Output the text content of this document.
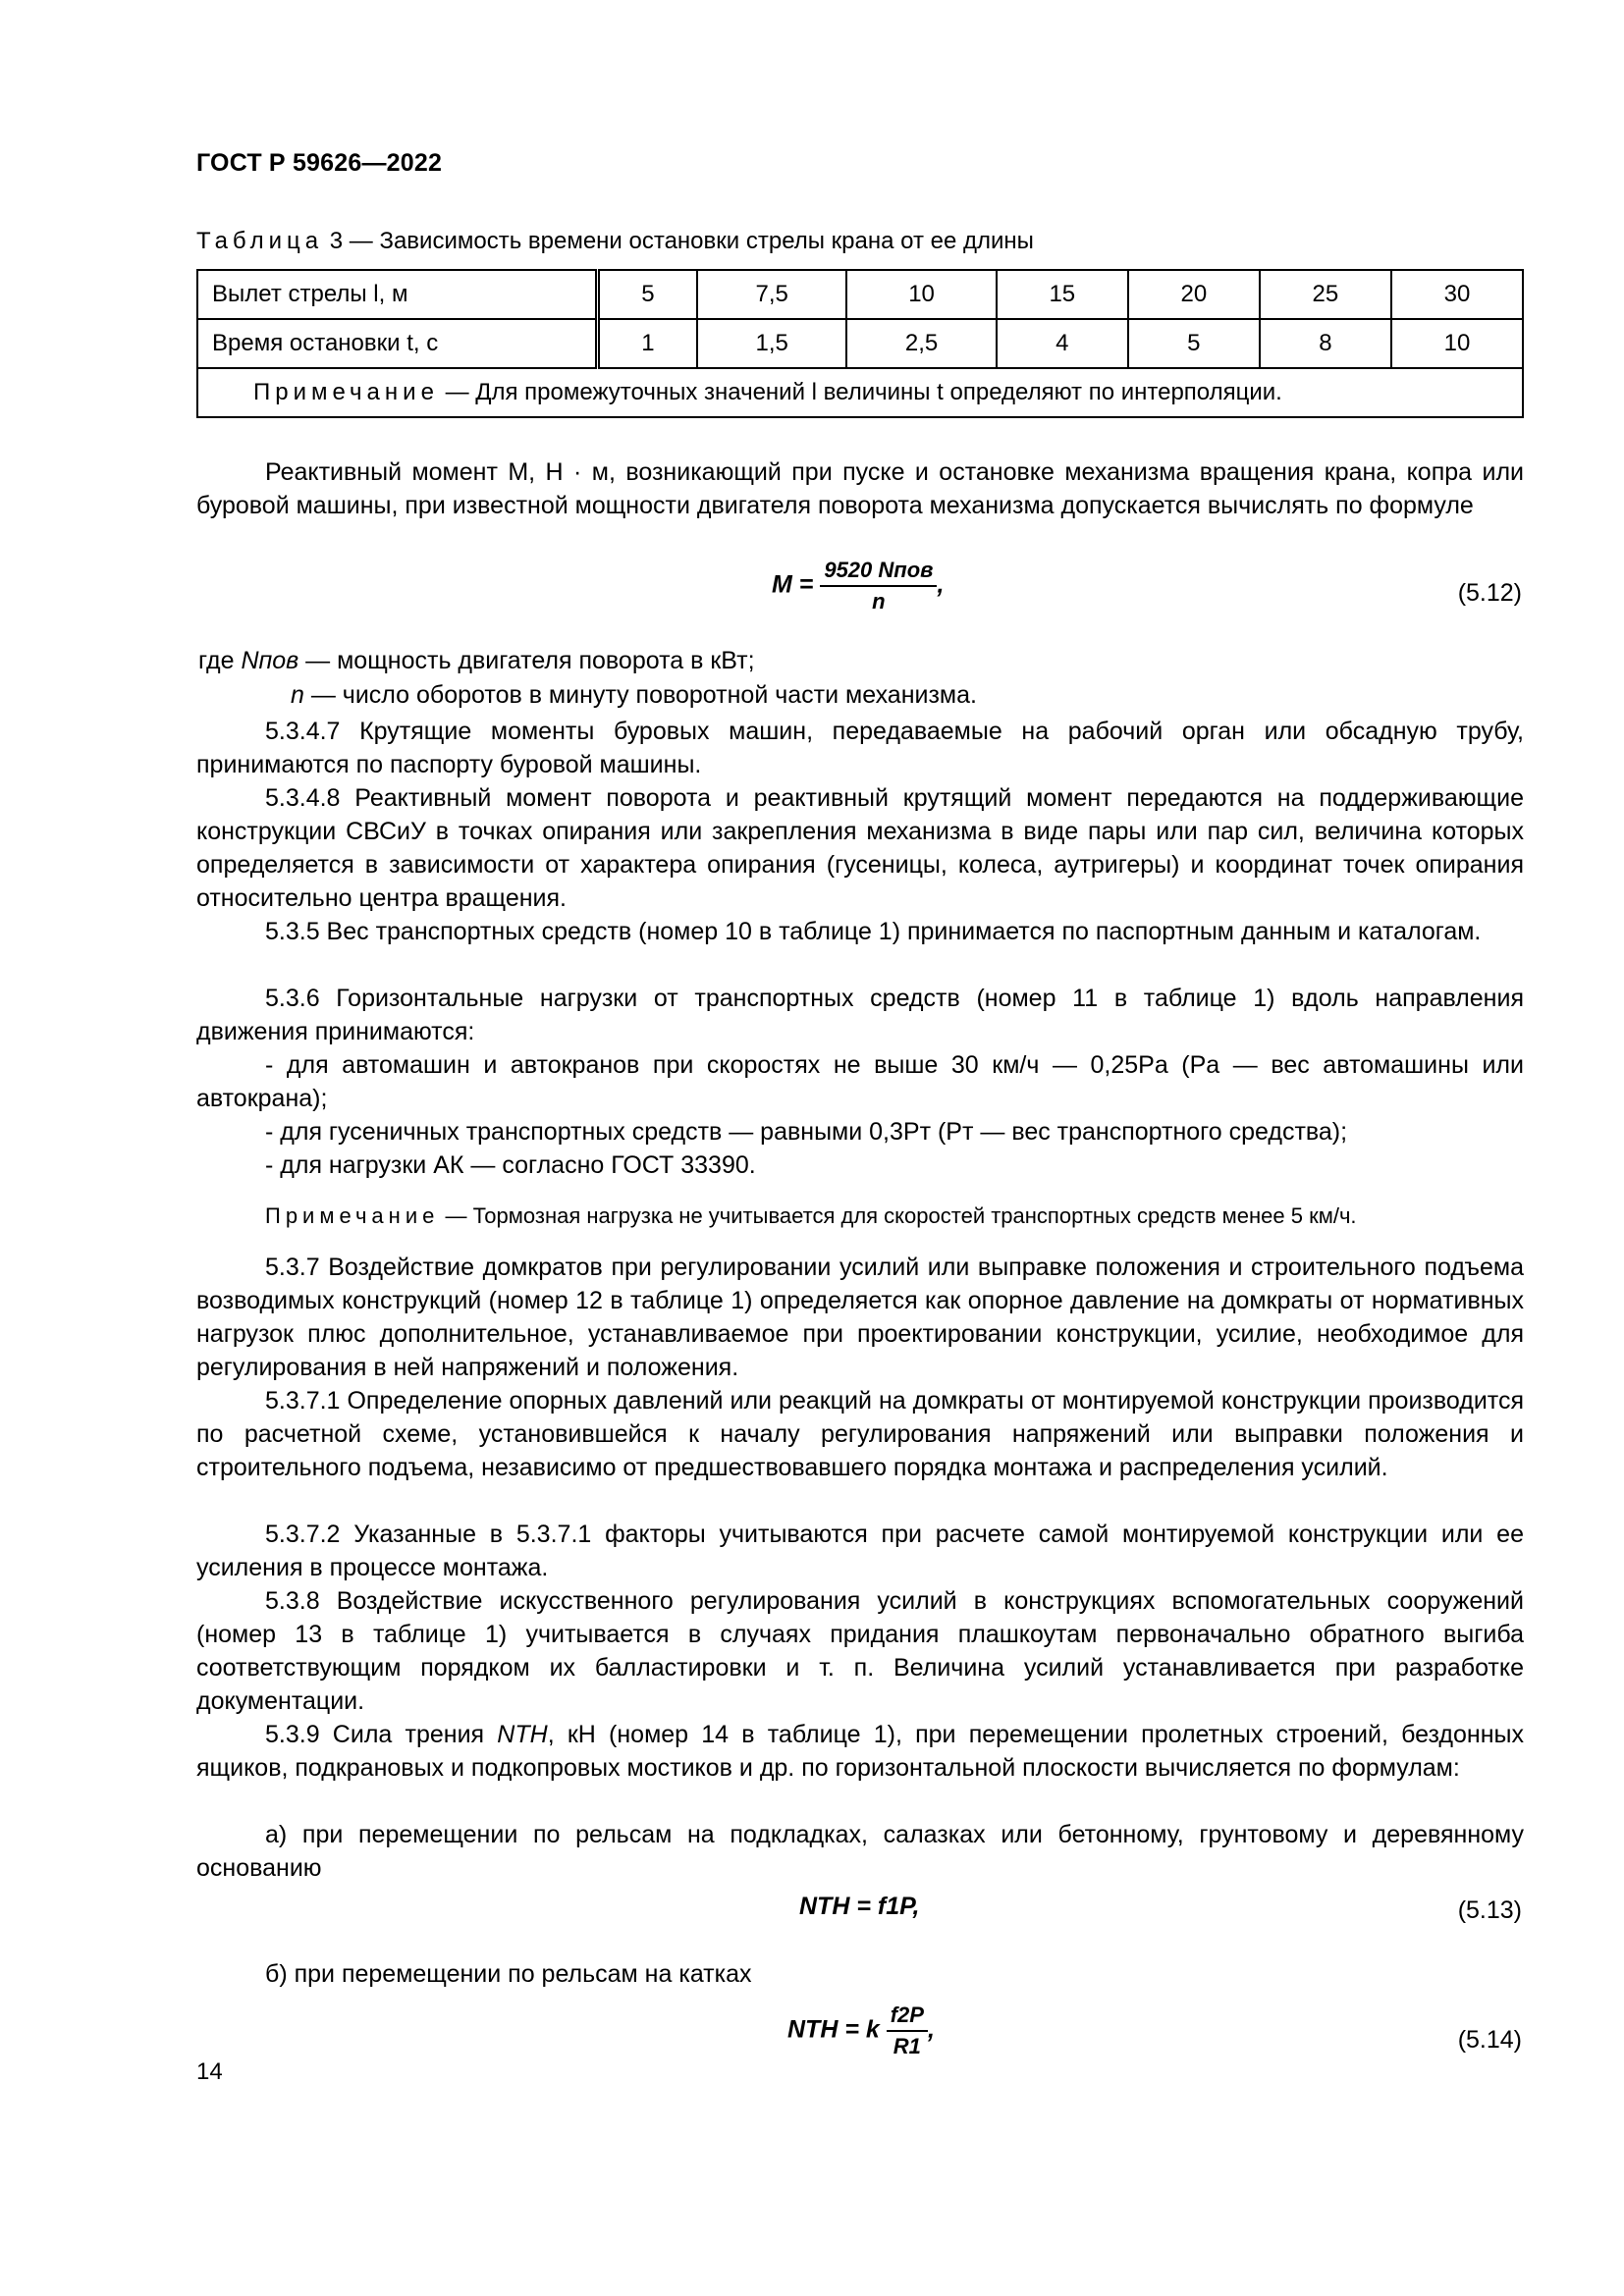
ГОСТ Р 59626—2022
Таблица 3 — Зависимость времени остановки стрелы крана от ее длины
Вылет стрелы l, м	5	7,5	10	15	20	25	30
Время остановки t, с	1	1,5	2,5	4	5	8	10
Примечание — Для промежуточных значений l величины t определяют по интерполяции.							
Реактивный момент M, Н · м, возникающий при пуске и остановке механизма вращения крана, копра или буровой машины, при известной мощности двигателя поворота механизма допускается вычислять по формуле
$M = \frac{\text{9520 Nпов}}{n}$ ,	(5.12)
где Nпов — мощность двигателя поворота в кВт;
n — число оборотов в минуту поворотной части механизма.
5.3.4.7 Крутящие моменты буровых машин, передаваемые на рабочий орган или обсадную трубу, принимаются по паспорту буровой машины.
5.3.4.8 Реактивный момент поворота и реактивный крутящий момент передаются на поддерживающие конструкции СВСиУ в точках опирания или закрепления механизма в виде пары или пар сил, величина которых определяется в зависимости от характера опирания (гусеницы, колеса, аутригеры) и координат точек опирания относительно центра вращения.
5.3.5 Вес транспортных средств (номер 10 в таблице 1) принимается по паспортным данным и каталогам.
5.3.6 Горизонтальные нагрузки от транспортных средств (номер 11 в таблице 1) вдоль направления движения принимаются:
- для автомашин и автокранов при скоростях не выше 30 км/ч — 0,25Pа (Pа — вес автомашины или автокрана);
- для гусеничных транспортных средств — равными 0,3Pт (Pт — вес транспортного средства);
- для нагрузки АК — согласно ГОСТ 33390.
Примечание — Тормозная нагрузка не учитывается для скоростей транспортных средств менее 5 км/ч.
5.3.7 Воздействие домкратов при регулировании усилий или выправке положения и строительного подъема возводимых конструкций (номер 12 в таблице 1) определяется как опорное давление на домкраты от нормативных нагрузок плюс дополнительное, устанавливаемое при проектировании конструкции, усилие, необходимое для регулирования в ней напряжений и положения.
5.3.7.1 Определение опорных давлений или реакций на домкраты от монтируемой конструкции производится по расчетной схеме, установившейся к началу регулирования напряжений или выправки положения и строительного подъема, независимо от предшествовавшего порядка монтажа и распределения усилий.
5.3.7.2 Указанные в 5.3.7.1 факторы учитываются при расчете самой монтируемой конструкции или ее усиления в процессе монтажа.
5.3.8 Воздействие искусственного регулирования усилий в конструкциях вспомогательных сооружений (номер 13 в таблице 1) учитывается в случаях придания плашкоутам первоначально обратного выгиба соответствующим порядком их балластировки и т. п. Величина усилий устанавливается при разработке документации.
5.3.9 Сила трения NTH, кН (номер 14 в таблице 1), при перемещении пролетных строений, бездонных ящиков, подкрановых и подкопровых мостиков и др. по горизонтальной плоскости вычисляется по формулам:
а) при перемещении по рельсам на подкладках, салазках или бетонному, грунтовому и деревянному основанию
NTH = f1P,	(5.13)
б) при перемещении по рельсам на катках
NTH = k $\frac{f2P}{R1}$ ,	(5.14)
14
